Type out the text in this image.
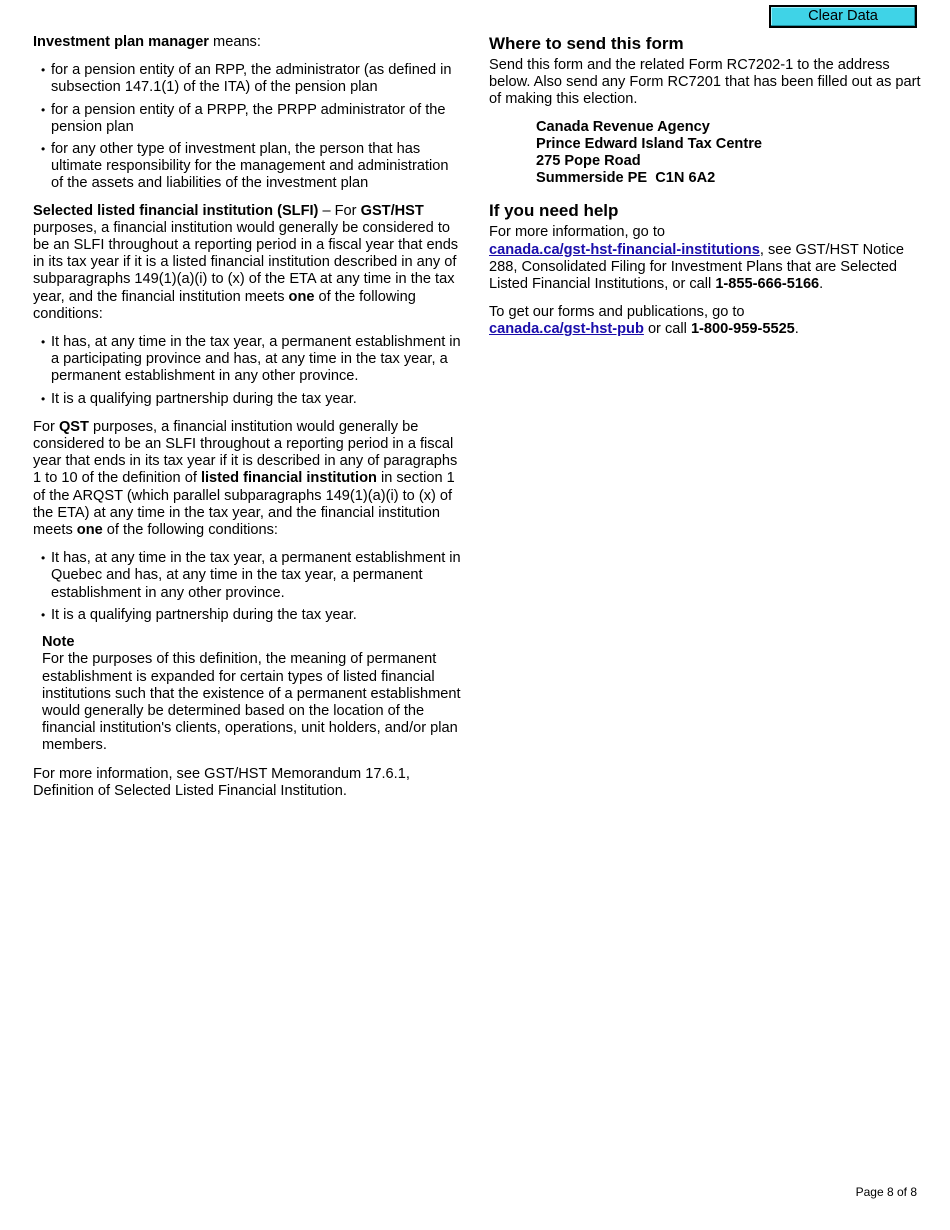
Clear Data

Investment plan manager means:

• for a pension entity of an RPP, the administrator (as defined in subsection 147.1(1) of the ITA) of the pension plan
• for a pension entity of a PRPP, the PRPP administrator of the pension plan
• for any other type of investment plan, the person that has ultimate responsibility for the management and administration of the assets and liabilities of the investment plan

Selected listed financial institution (SLFI) – For GST/HST purposes, a financial institution would generally be considered to be an SLFI throughout a reporting period in a fiscal year that ends in its tax year if it is a listed financial institution described in any of subparagraphs 149(1)(a)(i) to (x) of the ETA at any time in the tax year, and the financial institution meets one of the following conditions:

• It has, at any time in the tax year, a permanent establishment in a participating province and has, at any time in the tax year, a permanent establishment in any other province.
• It is a qualifying partnership during the tax year.

For QST purposes, a financial institution would generally be considered to be an SLFI throughout a reporting period in a fiscal year that ends in its tax year if it is described in any of paragraphs 1 to 10 of the definition of listed financial institution in section 1 of the ARQST (which parallel subparagraphs 149(1)(a)(i) to (x) of the ETA) at any time in the tax year, and the financial institution meets one of the following conditions:

• It has, at any time in the tax year, a permanent establishment in Quebec and has, at any time in the tax year, a permanent establishment in any other province.
• It is a qualifying partnership during the tax year.

Note

For the purposes of this definition, the meaning of permanent establishment is expanded for certain types of listed financial institutions such that the existence of a permanent establishment would generally be determined based on the location of the financial institution's clients, operations, unit holders, and/or plan members.

For more information, see GST/HST Memorandum 17.6.1, Definition of Selected Listed Financial Institution.

Where to send this form

Send this form and the related Form RC7202-1 to the address below. Also send any Form RC7201 that has been filled out as part of making this election.

Canada Revenue Agency

Prince Edward Island Tax Centre

275 Pope Road

Summerside PE  C1N 6A2

If you need help

For more information, go to
canada.ca/gst-hst-financial-institutions, see GST/HST Notice 288, Consolidated Filing for Investment Plans that are Selected Listed Financial Institutions, or call 1-855-666-5166.

To get our forms and publications, go to
canada.ca/gst-hst-pub or call 1-800-959-5525.

Page 8 of 8
